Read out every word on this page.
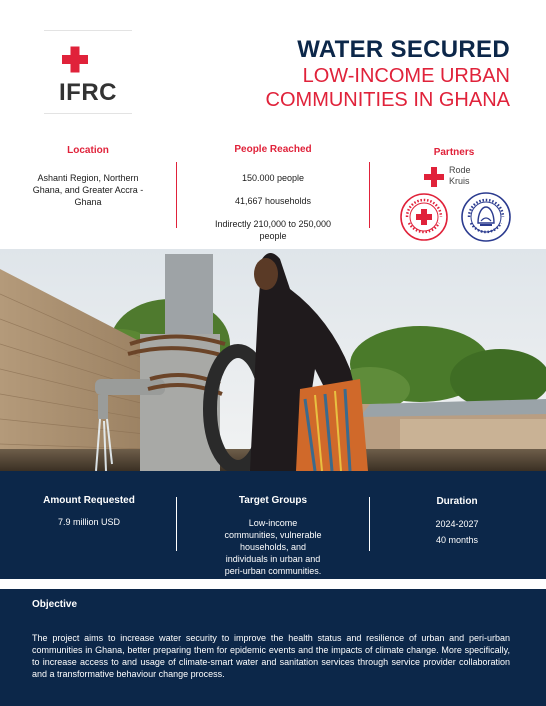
IFRC
WATER SECURED
LOW-INCOME URBAN
COMMUNITIES IN GHANA
Location
Ashanti Region, Northern
Ghana, and Greater Accra -
Ghana
People Reached
150.000 people
41,667 households
Indirectly 210,000 to 250,000
people
Partners
Rode
Kruis
Amount Requested
7.9 million USD
Target Groups
Low-income
communities, vulnerable
households, and
individuals in urban and
peri-urban communities.
Duration
2024-2027
40 months
Objective
The project aims to increase water security to improve the health status and resilience of urban and peri-urban communities in Ghana, better preparing them for epidemic events and the impacts of climate change. More specifically, to increase access to and usage of climate-smart water and sanitation services through service provider collaboration and a transformative behaviour change process.
